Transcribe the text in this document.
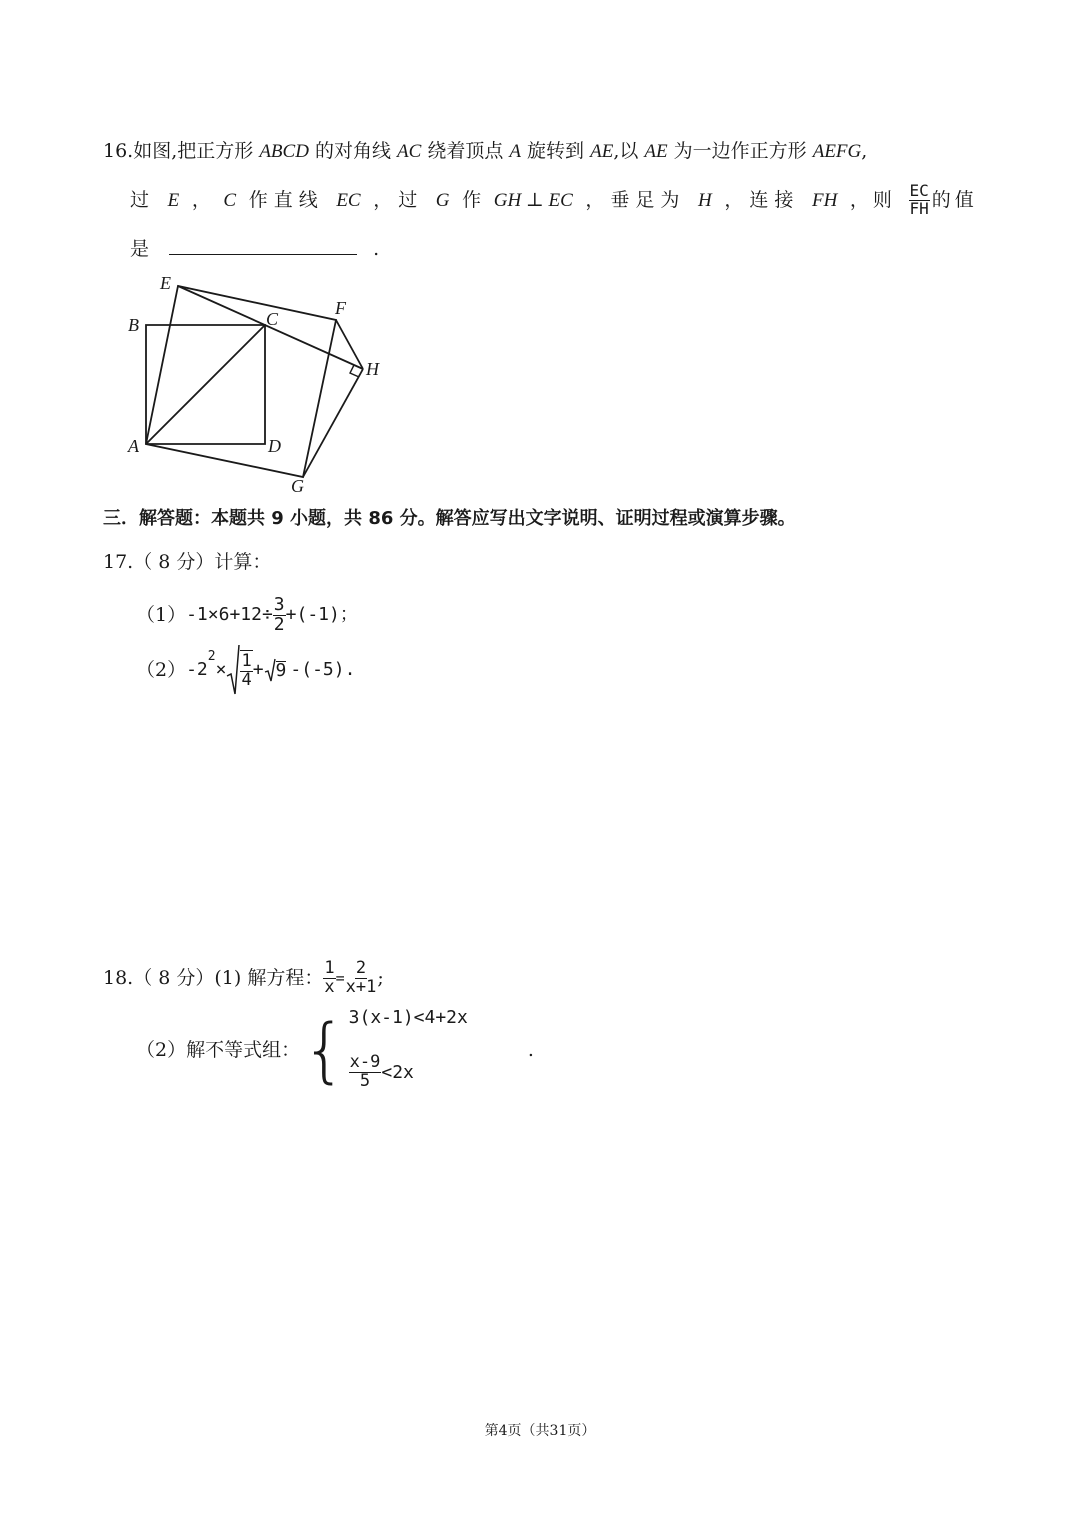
16.如图,把正方形 ABCD 的对角线 AC 绕着顶点 A 旋转到 AE,以 AE 为一边作正方形 AEFG,
过 E ， C 作直线 EC ，过 G 作 GH ⊥ EC ，垂足为 H ，连接 FH ，则 $\frac{EC}{FH}$ 的值
是	.
E
B	C
F
H
A	D
G
三．解答题：本题共 9 小题，共 86 分。解答应写出文字说明、证明过程或演算步骤。
17.（ 8 分）计算：
（1） $-1\times 6+12\div \frac{3}{2} +(-1)$；
（2） -2
$^2$
× $\frac{1}{4} + 9$ -(-5).
18.（ 8 分）(1) 解方程： $\frac{1}{x} = \frac{2}{x+1}$ ;
（2）解不等式组： { 3(x-1)<4+2x
$\frac{x-9}{5} <2x$
.
第4页（共31页）
